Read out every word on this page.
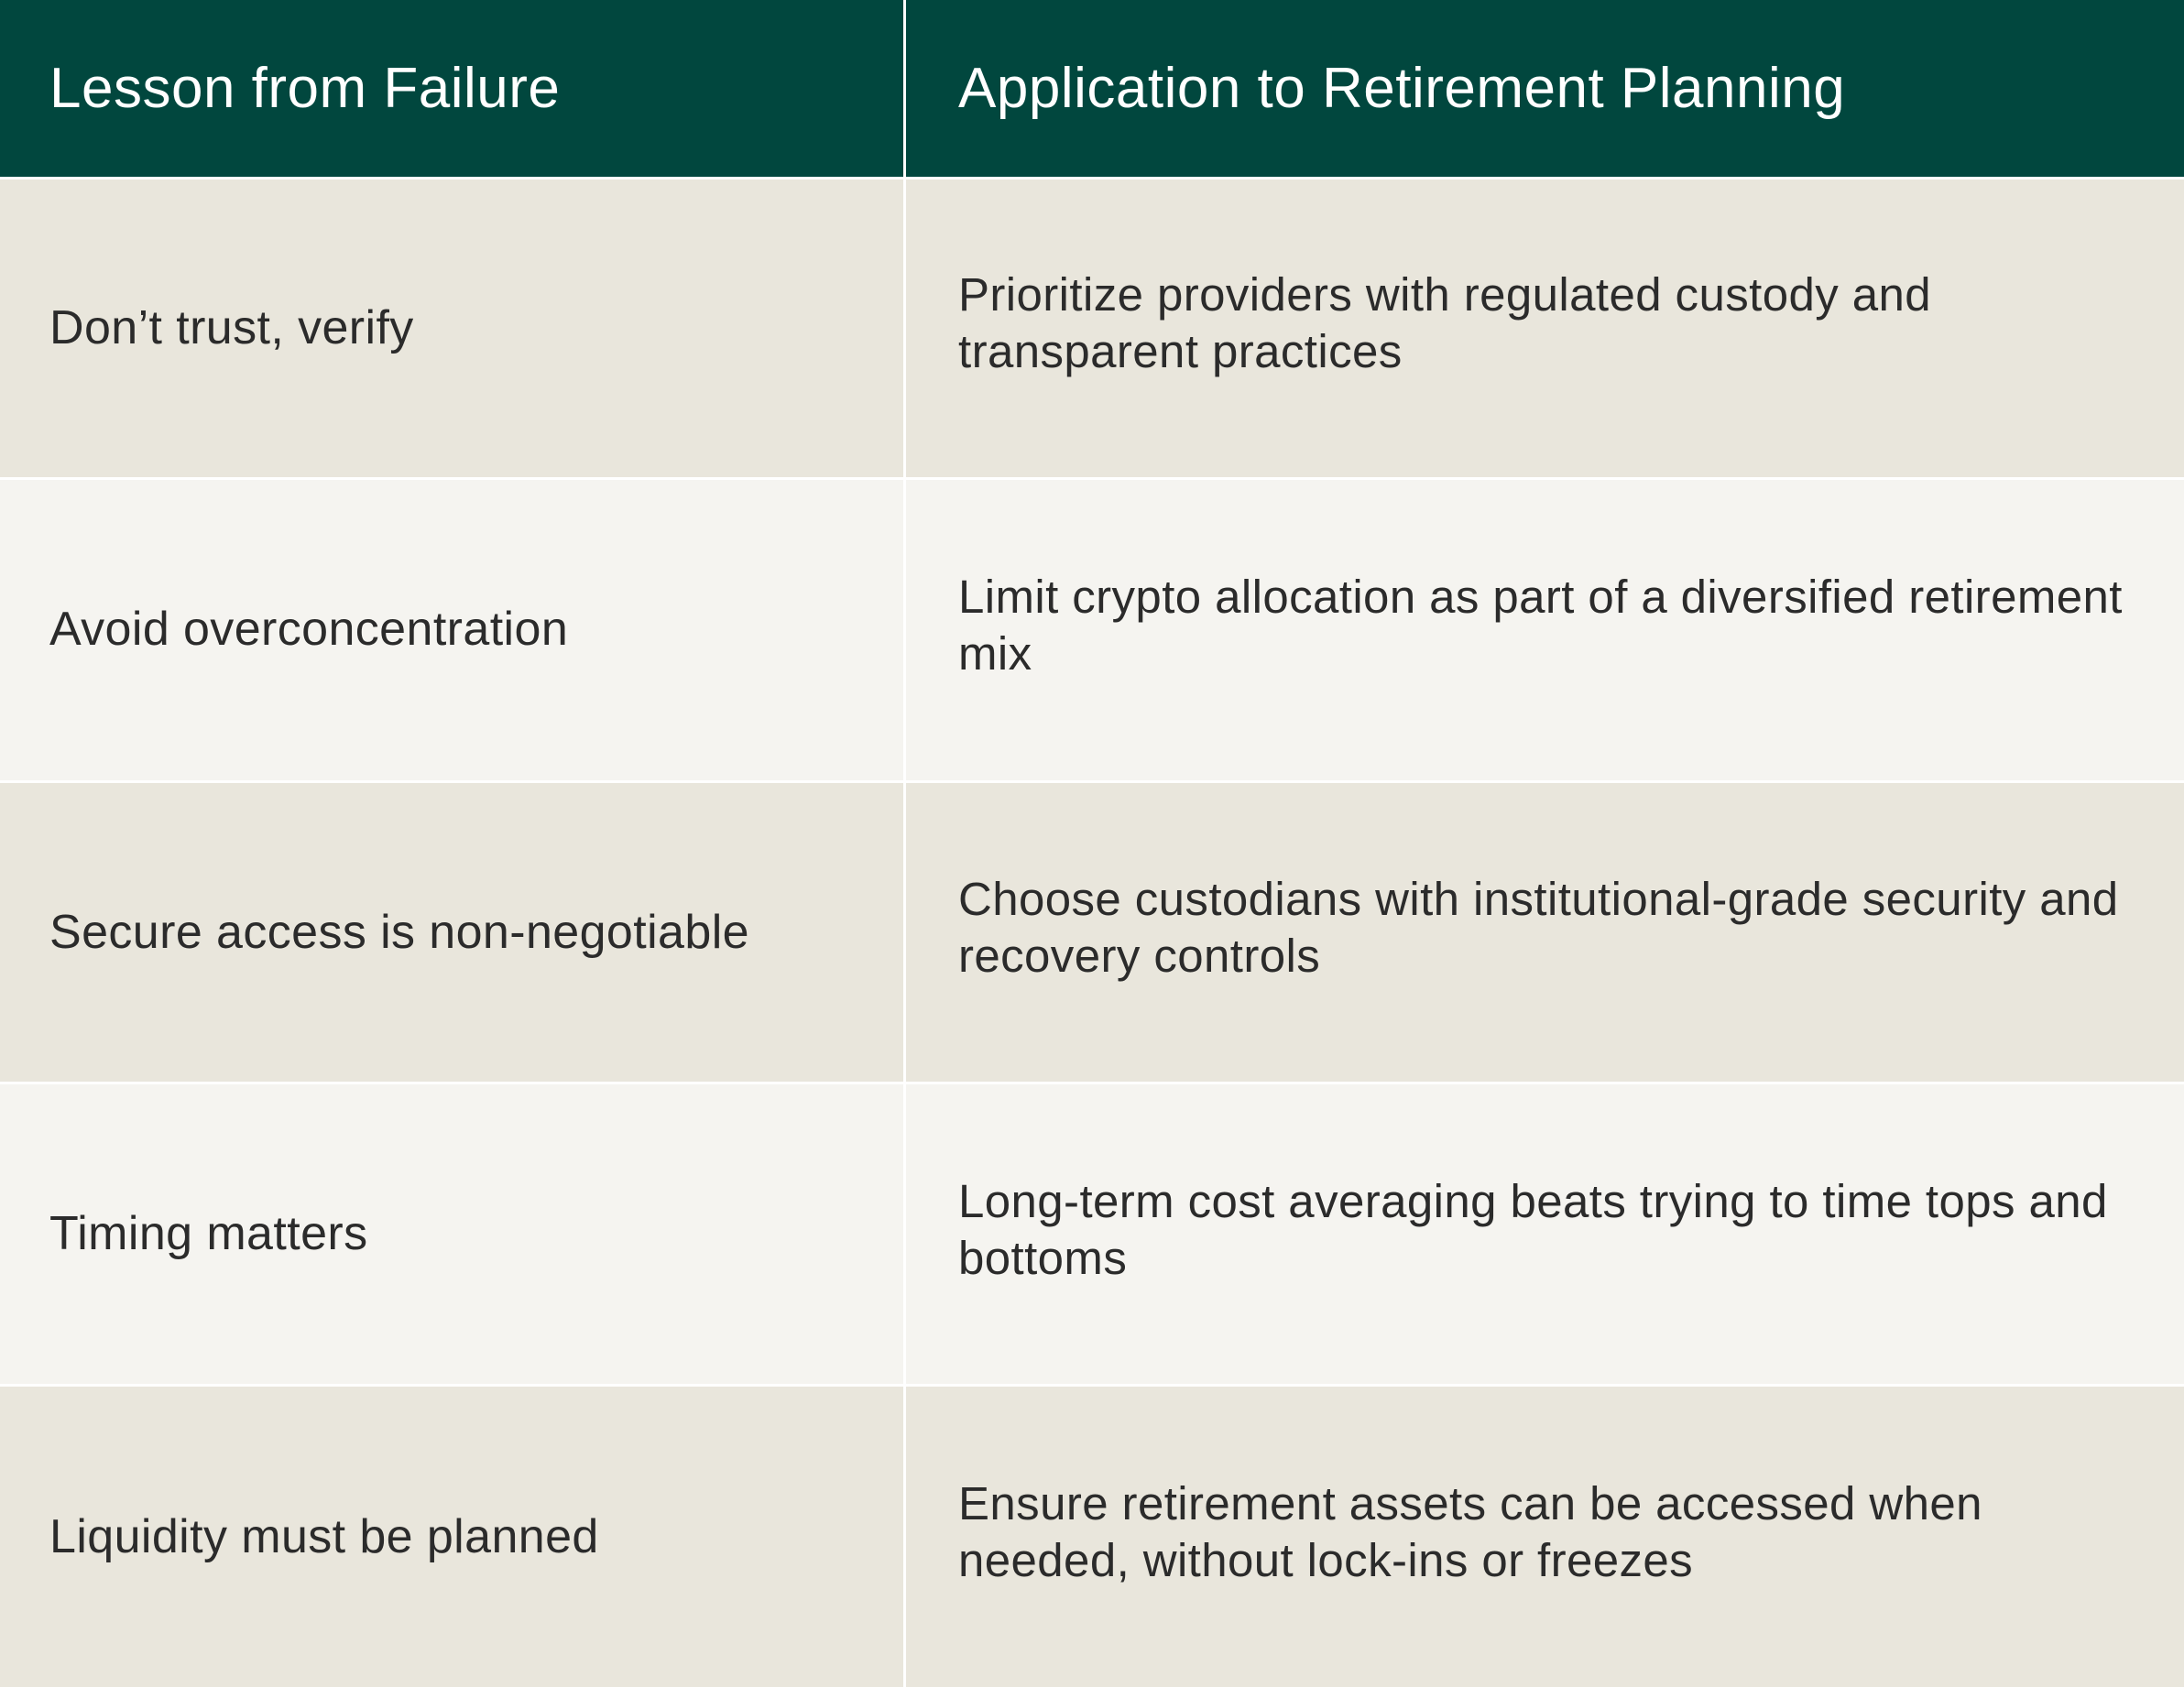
Lesson from Failure	Application to Retirement Planning
Don’t trust, verify
Prioritize providers with regulated custody and transparent practices
Avoid overconcentration
Limit crypto allocation as part of a diversified retirement mix
Secure access is non-negotiable
Choose custodians with institutional-grade security and recovery controls
Timing matters
Long-term cost averaging beats trying to time tops and bottoms
Liquidity must be planned
Ensure retirement assets can be accessed when needed, without lock-ins or freezes
